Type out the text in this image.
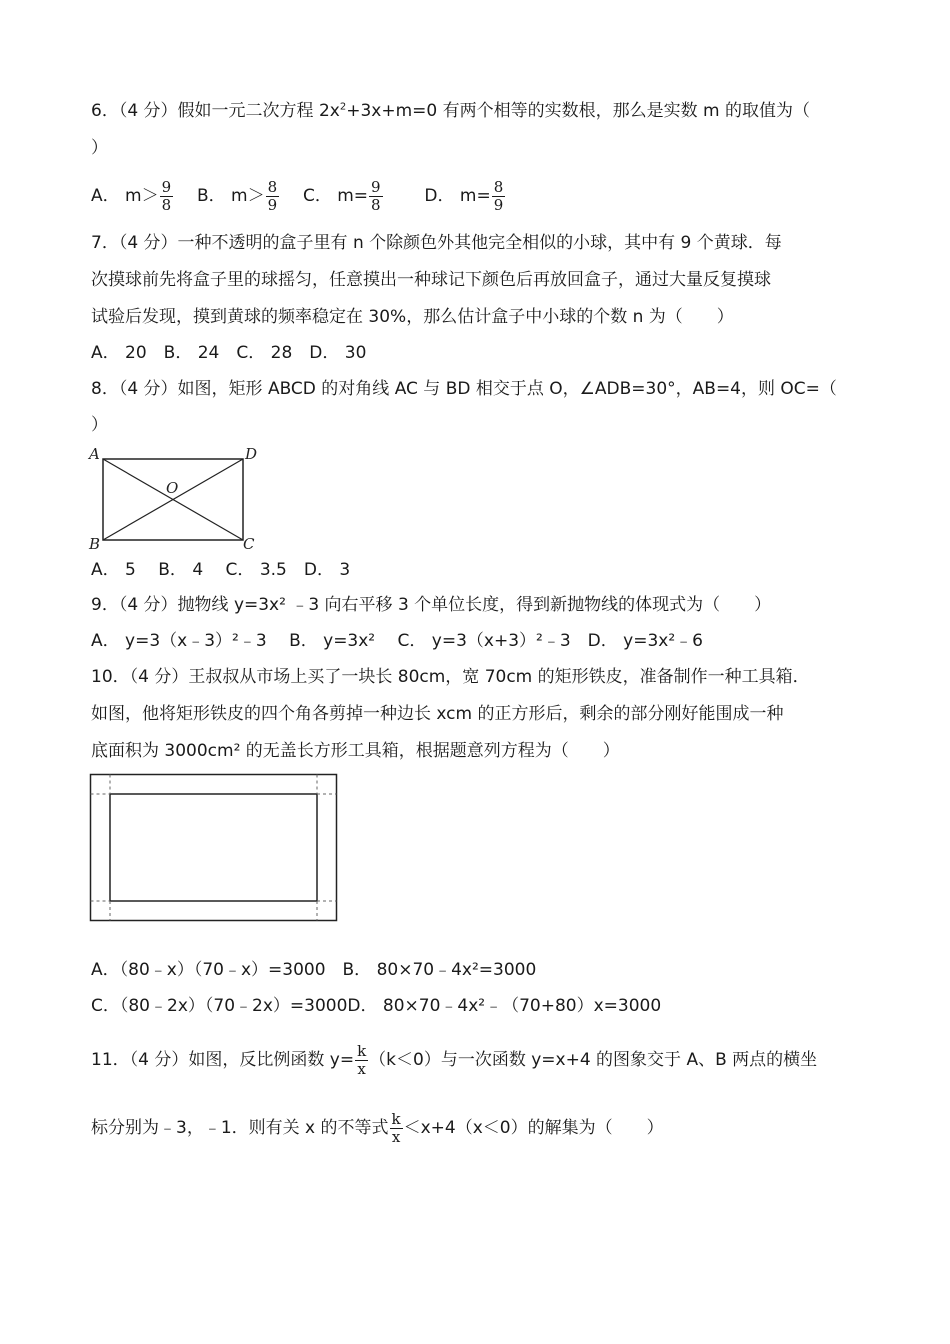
6．（4 分）假如一元二次方程 $2x^2+3x+m=0$ 有两个相等的实数根，那么是实数 m 的取值为（
）
A． $m> \frac{9}{8}$ B． $m> \frac{8}{9}$ C． $m= \frac{9}{8}$ D． $m= \frac{8}{9}$
7．（4 分）一种不透明的盒子里有 n 个除颜色外其他完全相似的小球，其中有 9 个黄球．每
次摸球前先将盒子里的球摇匀，任意摸出一种球记下颜色后再放回盒子，通过大量反复摸球
试验后发现，摸到黄球的频率稳定在 30%，那么估计盒子中小球的个数 n 为（　　）
A． 20　B． 24　C． 28　D． 30
8．（4 分）如图，矩形 ABCD 的对角线 AC 与 BD 相交于点 O，∠ADB=30°，AB=4，则 OC=（
）
A	D
O
B	C
A． 5　 B． 4　 C． 3.5　D． 3
9．（4 分）抛物线 y=3x² ﹣3 向右平移 3 个单位长度，得到新抛物线的体现式为（　　）
A． y=3（x﹣3）²﹣3　 B． y=3x²　 C． y=3（x+3）²﹣3　D． y=3x²﹣6
10．（4 分）王叔叔从市场上买了一块长 80cm，宽 70cm 的矩形铁皮，准备制作一种工具箱．
如图，他将矩形铁皮的四个角各剪掉一种边长 xcm 的正方形后，剩余的部分刚好能围成一种
底面积为 3000cm² 的无盖长方形工具箱，根据题意列方程为（　　）
A．（80﹣x）（70﹣x）=3000　B． 80×70﹣4x²=3000
C．（80﹣2x）（70﹣2x）=3000D． 80×70﹣4x²﹣（70+80）x=3000
11．（4 分）如图，反比例函数 $y= \frac{k}{x} (k<0)$与一次函数 y=x+4 的图象交于 A、B 两点的横坐
标分别为﹣3，﹣1．则有关 x 的不等式 $\frac{k}{x} <x+4(x<0)$的解集为（　　）
